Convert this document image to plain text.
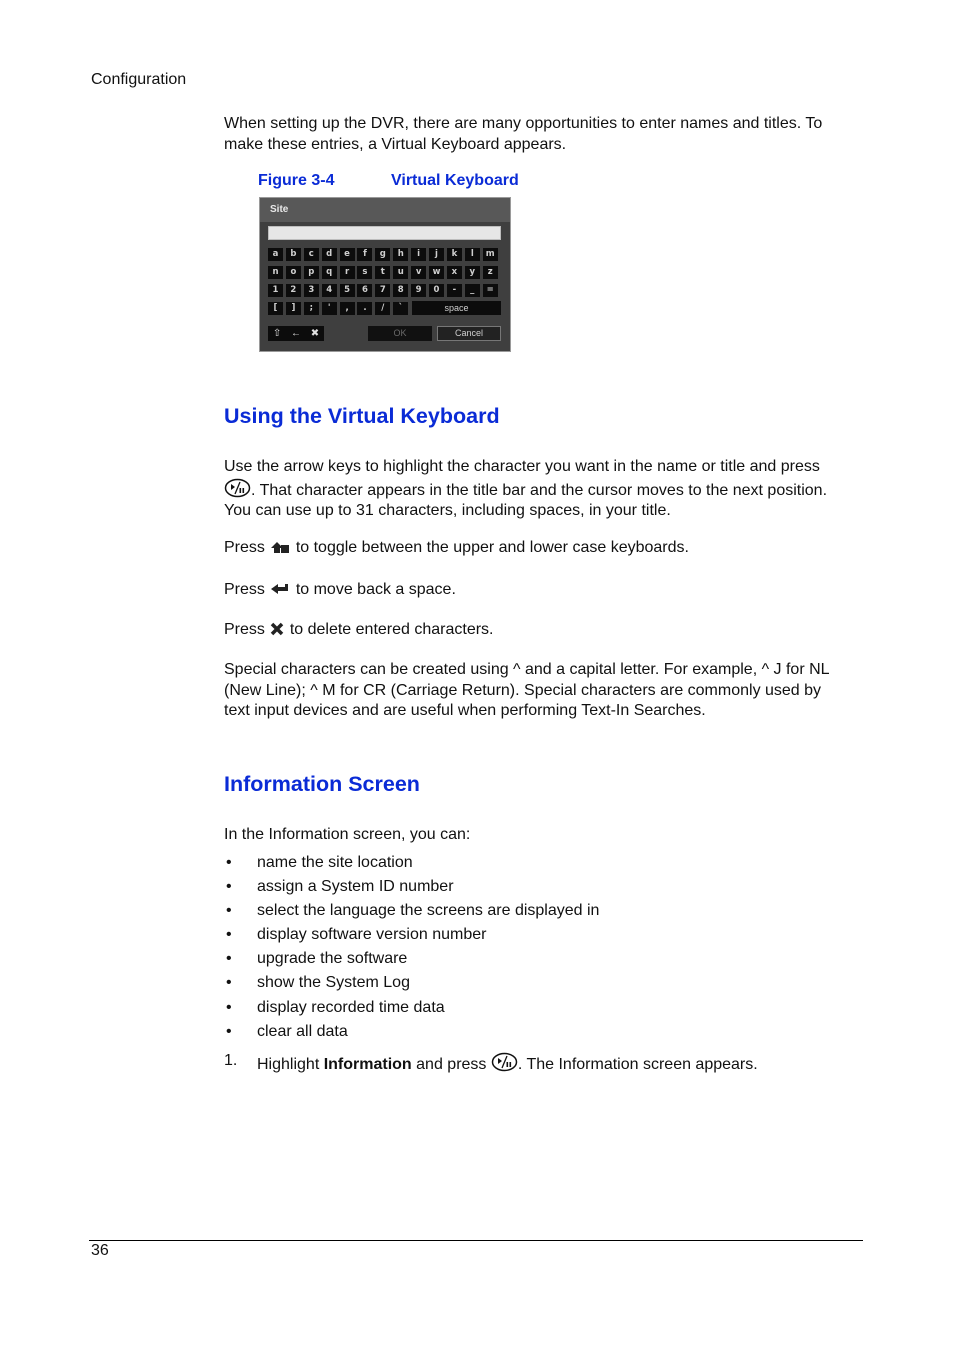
Configuration
When setting up the DVR, there are many opportunities to enter names and titles. To
make these entries, a Virtual Keyboard appears.
Figure 3-4	Virtual Keyboard
Site
a	b	c	d	e	f	g	h	i	j	k	l	m
n	o	p	q	r	s	t	u	v	w	x	y	z
1	2	3	4	5	6	7	8	9	0	-	_	=
[	]	;	'	,	.	/	`	space
⇧ ← ✖	OK	Cancel
Using the Virtual Keyboard
Use the arrow keys to highlight the character you want in the name or title and press
. That character appears in the title bar and the cursor moves to the next position.
You can use up to 31 characters, including spaces, in your title.
Press to toggle between the upper and lower case keyboards.
Press to move back a space.
Press to delete entered characters.
Special characters can be created using ^ and a capital letter. For example, ^ J for NL
(New Line); ^ M for CR (Carriage Return). Special characters are commonly used by
text input devices and are useful when performing Text-In Searches.
Information Screen
In the Information screen, you can:
• name the site location
• assign a System ID number
• select the language the screens are displayed in
• display software version number
• upgrade the software
• show the System Log
• display recorded time data
• clear all data
1. Highlight Information and press . The Information screen appears.
36
